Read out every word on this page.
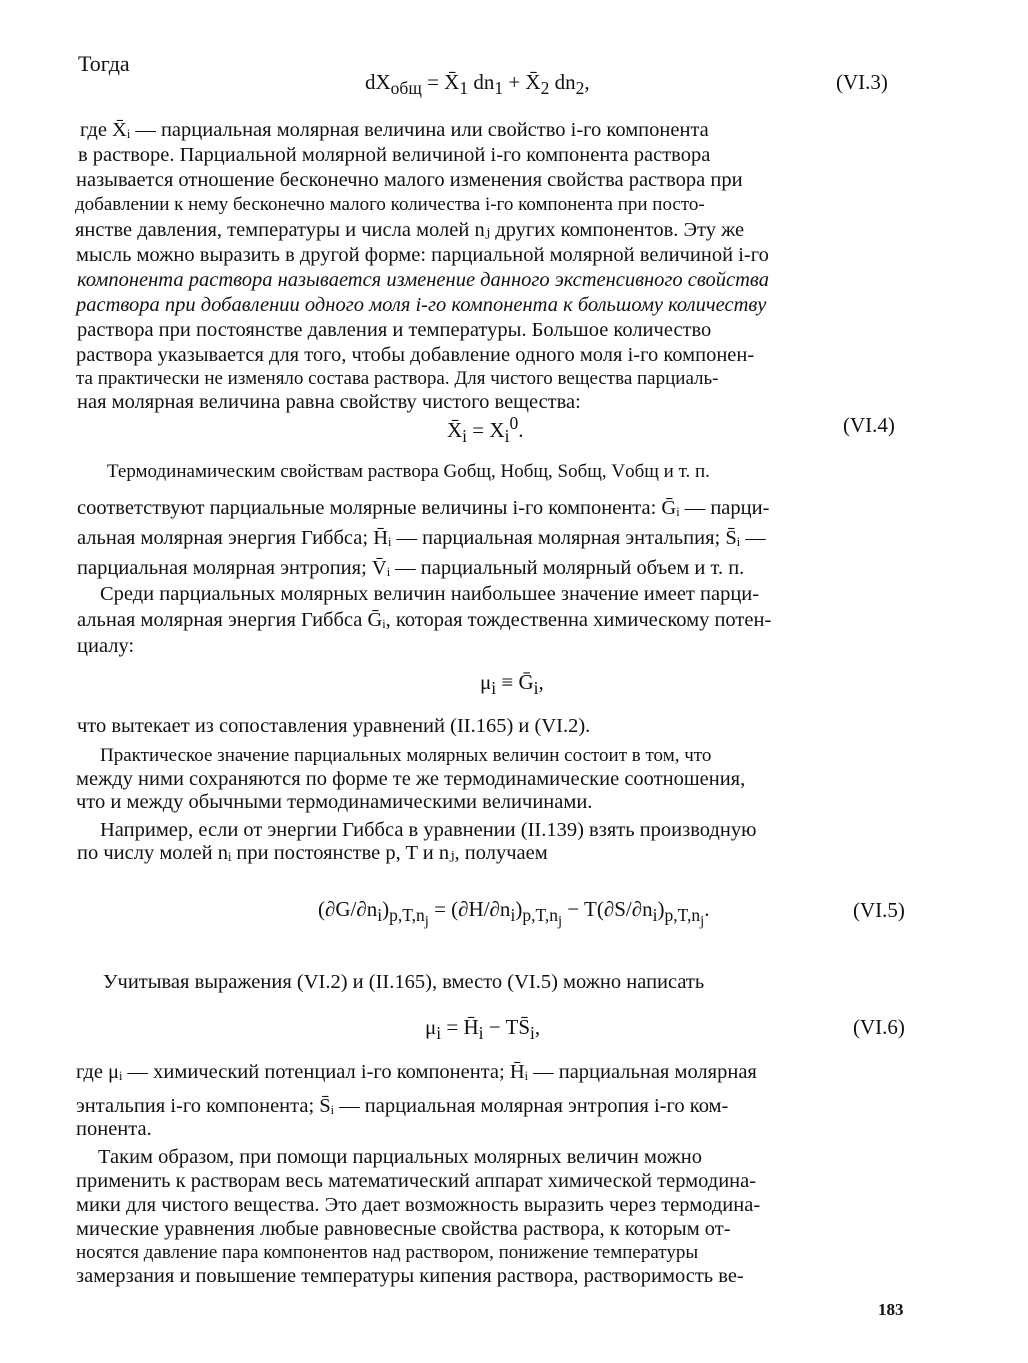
Тогда
$dX_{общ}$ = $X̄_1$ $dn_1$ + $X̄_2$ $dn_2$,	(VI.3)
где X̄ᵢ — парциальная молярная величина или свойство i-го компонента
в растворе. Парциальной молярной величиной i-го компонента раствора
называется отношение бесконечно малого изменения свойства раствора при
добавлении к нему бесконечно малого количества i-го компонента при посто-
янстве давления, температуры и числа молей nⱼ других компонентов. Эту же
мысль можно выразить в другой форме: парциальной молярной величиной i-го
компонента раствора называется изменение данного экстенсивного свойства
раствора при добавлении одного моля i-го компонента к большому количеству
раствора при постоянстве давления и температуры. Большое количество
раствора указывается для того, чтобы добавление одного моля i-го компонен-
та практически не изменяло состава раствора. Для чистого вещества парциаль-
ная молярная величина равна свойству чистого вещества:
$X̄_i = X_i^0$.	(VI.4)
Термодинамическим свойствам раствора Gобщ, Hобщ, Sобщ, Vобщ и т. п.
соответствуют парциальные молярные величины i-го компонента: Ḡᵢ — парци-
альная молярная энергия Гиббса; H̄ᵢ — парциальная молярная энтальпия; S̄ᵢ —
парциальная молярная энтропия; V̄ᵢ — парциальный молярный объем и т. п.
Среди парциальных молярных величин наибольшее значение имеет парци-
альная молярная энергия Гиббса Ḡᵢ, которая тождественна химическому потен-
циалу:
$\mu_i$ ≡ Ḡ$_i$,
что вытекает из сопоставления уравнений (II.165) и (VI.2).
Практическое значение парциальных молярных величин состоит в том, что
между ними сохраняются по форме те же термодинамические соотношения,
что и между обычными термодинамическими величинами.
Например, если от энергии Гиббса в уравнении (II.139) взять производную
по числу молей nᵢ при постоянстве p, T и nⱼ, получаем
$(\partial G/\partial n_i)_{p,T,n_j} = (\partial H/\partial n_i)_{p,T,n_j} - T(\partial S/\partial n_i)_{p,T,n_j}$.	(VI.5)
Учитывая выражения (VI.2) и (II.165), вместо (VI.5) можно написать
$\mu_i$ = $H̄_i$ − $TS̄_i$,	(VI.6)
где μᵢ — химический потенциал i-го компонента; H̄ᵢ — парциальная молярная
энтальпия i-го компонента; S̄ᵢ — парциальная молярная энтропия i-го ком-
понента.
Таким образом, при помощи парциальных молярных величин можно
применить к растворам весь математический аппарат химической термодина-
мики для чистого вещества. Это дает возможность выразить через термодина-
мические уравнения любые равновесные свойства раствора, к которым от-
носятся давление пара компонентов над раствором, понижение температуры
замерзания и повышение температуры кипения раствора, растворимость ве-
183
